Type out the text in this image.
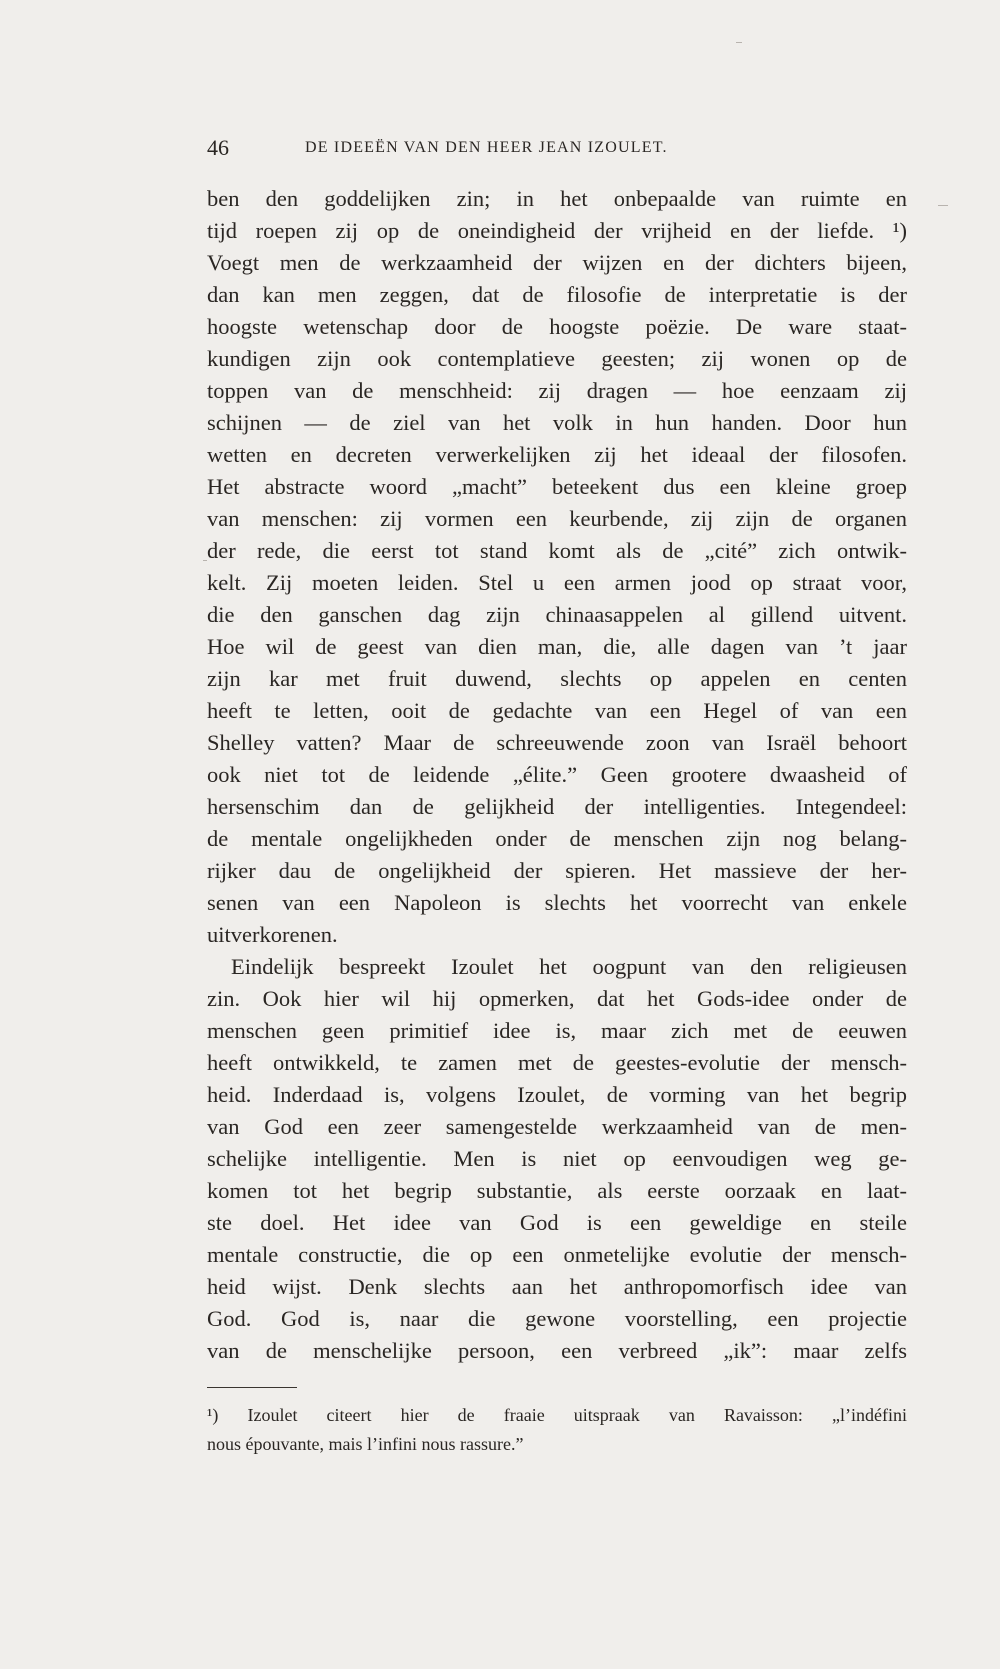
46	DE IDEEËN VAN DEN HEER JEAN IZOULET.
ben den goddelijken zin; in het onbepaalde van ruimte en
tijd roepen zij op de oneindigheid der vrijheid en der liefde. ¹)
Voegt men de werkzaamheid der wijzen en der dichters bijeen,
dan kan men zeggen, dat de filosofie de interpretatie is der
hoogste wetenschap door de hoogste poëzie. De ware staat-
kundigen zijn ook contemplatieve geesten; zij wonen op de
toppen van de menschheid: zij dragen — hoe eenzaam zij
schijnen — de ziel van het volk in hun handen. Door hun
wetten en decreten verwerkelijken zij het ideaal der filosofen.
Het abstracte woord „macht” beteekent dus een kleine groep
van menschen: zij vormen een keurbende, zij zijn de organen
der rede, die eerst tot stand komt als de „cité” zich ontwik-
kelt. Zij moeten leiden. Stel u een armen jood op straat voor,
die den ganschen dag zijn chinaasappelen al gillend uitvent.
Hoe wil de geest van dien man, die, alle dagen van ’t jaar
zijn kar met fruit duwend, slechts op appelen en centen
heeft te letten, ooit de gedachte van een Hegel of van een
Shelley vatten? Maar de schreeuwende zoon van Israël behoort
ook niet tot de leidende „élite.” Geen grootere dwaasheid of
hersenschim dan de gelijkheid der intelligenties. Integendeel:
de mentale ongelijkheden onder de menschen zijn nog belang-
rijker dau de ongelijkheid der spieren. Het massieve der her-
senen van een Napoleon is slechts het voorrecht van enkele
uitverkorenen.
Eindelijk bespreekt Izoulet het oogpunt van den religieusen
zin. Ook hier wil hij opmerken, dat het Gods-idee onder de
menschen geen primitief idee is, maar zich met de eeuwen
heeft ontwikkeld, te zamen met de geestes-evolutie der mensch-
heid. Inderdaad is, volgens Izoulet, de vorming van het begrip
van God een zeer samengestelde werkzaamheid van de men-
schelijke intelligentie. Men is niet op eenvoudigen weg ge-
komen tot het begrip substantie, als eerste oorzaak en laat-
ste doel. Het idee van God is een geweldige en steile
mentale constructie, die op een onmetelijke evolutie der mensch-
heid wijst. Denk slechts aan het anthropomorfisch idee van
God. God is, naar die gewone voorstelling, een projectie
van de menschelijke persoon, een verbreed „ik”: maar zelfs
¹) Izoulet citeert hier de fraaie uitspraak van Ravaisson: „l’indéfini
nous épouvante, mais l’infini nous rassure.”
